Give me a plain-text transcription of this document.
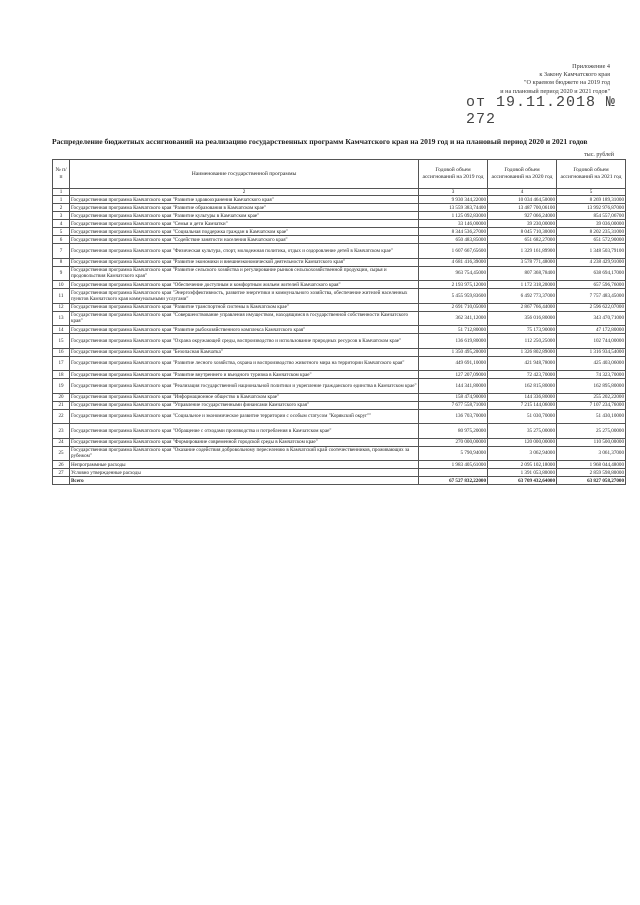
Приложение 4
к Закону Камчатского края
"О краевом бюджете на 2019 год
и на плановый период 2020 и 2021 годов"
от 19.11.2018 № 272
Распределение бюджетных ассигнований на реализацию государственных программ Камчатского края на 2019 год и на плановый период 2020 и 2021 годов
тыс. рублей
№ п/п	Наименование государственной программы	Годовой объем ассигнований на 2019 год	Годовой объем ассигнований на 2020 год	Годовой объем ассигнований на 2021 год
1	2	3	4	5
1	Государственная программа Камчатского края "Развитие здравоохранения Камчатского края"	9 930 344,22000	10 034 464,50000	8 269 189,31000
2	Государственная программа Камчатского края "Развитие образования в Камчатском крае"	13 559 383,74400	13 487 700,06100	13 992 976,87000
3	Государственная программа Камчатского края "Развитие культуры в Камчатском крае"	1 125 092,83000	927 066,24000	854 557,06700
4	Государственная программа Камчатского края "Семья и дети Камчатки"	33 146,00000	39 230,00000	39 036,00000
5	Государственная программа Камчатского края "Социальная поддержка граждан в Камчатском крае"	8 344 536,27000	8 045 710,30000	8 202 235,31000
6	Государственная программа Камчатского края "Содействие занятости населения Камчатского края"	650 483,85000	651 682,27000	651 572,90000
7	Государственная программа Камчатского края "Физическая культура, спорт, молодежная политика, отдых и оздоровление детей в Камчатском крае"	1 607 667,65600	1 329 161,89900	1 348 503,79100
8	Государственная программа Камчатского края "Развитие экономики и внешнеэкономической деятельности Камчатского края"	4 681 416,39000	3 578 771,48000	4 238 429,91000
9	Государственная программа Камчатского края "Развитие сельского хозяйства и регулирование рынков сельскохозяйственной продукции, сырья и продовольствия Камчатского края"	963 754,45000	807 368,78400	638 694,17000
10	Государственная программа Камчатского края "Обеспечение доступным и комфортным жильем жителей Камчатского края"	2 193 975,12000	1 172 318,20000	657 596,76000
11	Государственная программа Камчатского края "Энергоэффективность, развитие энергетики и коммунального хозяйства, обеспечение жителей населенных пунктов Камчатского края коммунальными услугами"	5 455 959,83600	6 492 773,37000	7 757 483,45000
12	Государственная программа Камчатского края "Развитие транспортной системы в Камчатском крае"	2 691 710,05000	2 867 766,44000	2 596 622,07000
13	Государственная программа Камчатского края "Совершенствование управления имуществом, находящимся в государственной собственности Камчатского края"	362 341,12000	356 016,80000	343 470,71000
14	Государственная программа Камчатского края "Развитие рыбохозяйственного комплекса Камчатского края"	51 712,80000	75 173,90000	47 172,80000
15	Государственная программа Камчатского края "Охрана окружающей среды, воспроизводство и использование природных ресурсов в Камчатском крае"	136 619,80000	112 250,25000	102 744,00000
16	Государственная программа Камчатского края "Безопасная Камчатка"	1 350 495,20000	1 326 802,89000	1 316 934,54000
17	Государственная программа Камчатского края "Развитие лесного хозяйства, охрана и воспроизводство животного мира на территории Камчатского края"	449 691,10000	421 948,78000	425 403,06000
18	Государственная программа Камчатского края "Развитие внутреннего и въездного туризма в Камчатском крае"	127 207,09000	72 423,70000	74 323,70000
19	Государственная программа Камчатского края "Реализация государственной национальной политики и укрепление гражданского единства в Камчатском крае"	144 341,80000	162 815,80000	162 895,80000
20	Государственная программа Камчатского края "Информационное общество в Камчатском крае"	158 474,90000	144 336,80000	255 202,22000
21	Государственная программа Камчатского края "Управление государственными финансами Камчатского края"	7 677 558,71000	7 215 144,06000	7 107 234,76000
22	Государственная программа Камчатского края "Социальное и экономическое развитие территории с особым статусом "Корякский округ""	136 703,70000	51 030,70000	51 430,10000
23	Государственная программа Камчатского края "Обращение с отходами производства и потребления в Камчатском крае"	80 975,20000	35 275,00000	25 275,00000
24	Государственная программа Камчатского края "Формирование современной городской среды в Камчатском крае"	270 000,00000	120 000,00000	110 500,00000
25	Государственная программа Камчатского края "Оказание содействия добровольному переселению в Камчатский край соотечественников, проживающих за рубежом"	5 790,94000	3 062,94000	3 061,37000
26	Непрограммные расходы	1 983 405,61000	2 095 102,18000	1 968 044,48000
27	Условно утвержденные расходы		1 391 053,80000	2 859 598,80000
	Всего	67 527 832,22000	63 709 432,64000	63 827 058,27000
